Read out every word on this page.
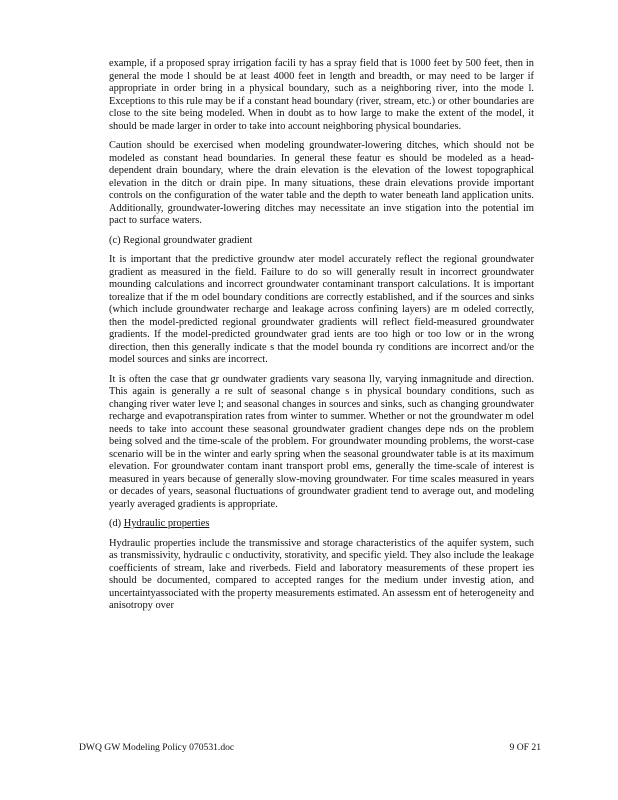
example, if a proposed spray irrigation facili ty has a spray field that is 1000 feet by 500 feet, then in general the mode l should be at least 4000 feet in length and breadth, or may need to be larger if appropriate in order bring in a physical boundary, such as a neighboring river, into the mode l. Exceptions to this rule may be if a constant head boundary (river, stream, etc.) or other boundaries are close to the site being modeled. When in doubt as to how large to make the extent of the model, it should be made larger in order to take into account neighboring physical boundaries.

Caution should be exercised when modeling groundwater-lowering ditches, which should not be modeled as constant head boundaries. In general these featur es should be modeled as a head-dependent drain boundary, where the drain elevation is the elevation of the lowest topographical elevation in the ditch or drain pipe. In many situations, these drain elevations provide important controls on the configuration of the water table and the depth to water beneath land application units. Additionally, groundwater-lowering ditches may necessitate an inve stigation into the potential im pact to surface waters.

(c) Regional groundwater gradient

It is important that the predictive groundw ater model accurately reflect the regional groundwater gradient as measured in the field. Failure to do so will generally result in incorrect groundwater mounding calculations and incorrect groundwater contaminant transport calculations. It is important torealize that if the m odel boundary conditions are correctly established, and if the sources and sinks (which include groundwater recharge and leakage across confining layers) are m odeled correctly, then the model-predicted regional groundwater gradients will reflect field-measured groundwater gradients. If the model-predicted groundwater grad ients are too high or too low or in the wrong direction, then this generally indicate s that the model bounda ry conditions are incorrect and/or the model sources and sinks are incorrect.

It is often the case that gr oundwater gradients vary seasona lly, varying inmagnitude and direction. This again is generally a re sult of seasonal change s in physical boundary conditions, such as changing river water leve l; and seasonal changes in sources and sinks, such as changing groundwater recharge and evapotranspiration rates from winter to summer. Whether or not the groundwater m odel needs to take into account these seasonal groundwater gradient changes depe nds on the problem being solved and the time-scale of the problem. For groundwater mounding problems, the worst-case scenario will be in the winter and early spring when the seasonal groundwater table is at its maximum elevation. For groundwater contam inant transport probl ems, generally the time-scale of interest is measured in years because of generally slow-moving groundwater. For time scales measured in years or decades of years, seasonal fluctuations of groundwater gradient tend to average out, and modeling yearly averaged gradients is appropriate.

(d) Hydraulic properties

Hydraulic properties include the transmissive and storage characteristics of the aquifer system, such as transmissivity, hydraulic c onductivity, storativity, and specific yield. They also include the leakage coefficients of stream, lake and riverbeds. Field and laboratory measurements of these propert ies should be documented, compared to accepted ranges for the medium under investig ation, and uncertaintyassociated with the property measurements estimated. An assessm ent of heterogeneity and anisotropy over

DWQ GW Modeling Policy 070531.doc	9 OF 21
